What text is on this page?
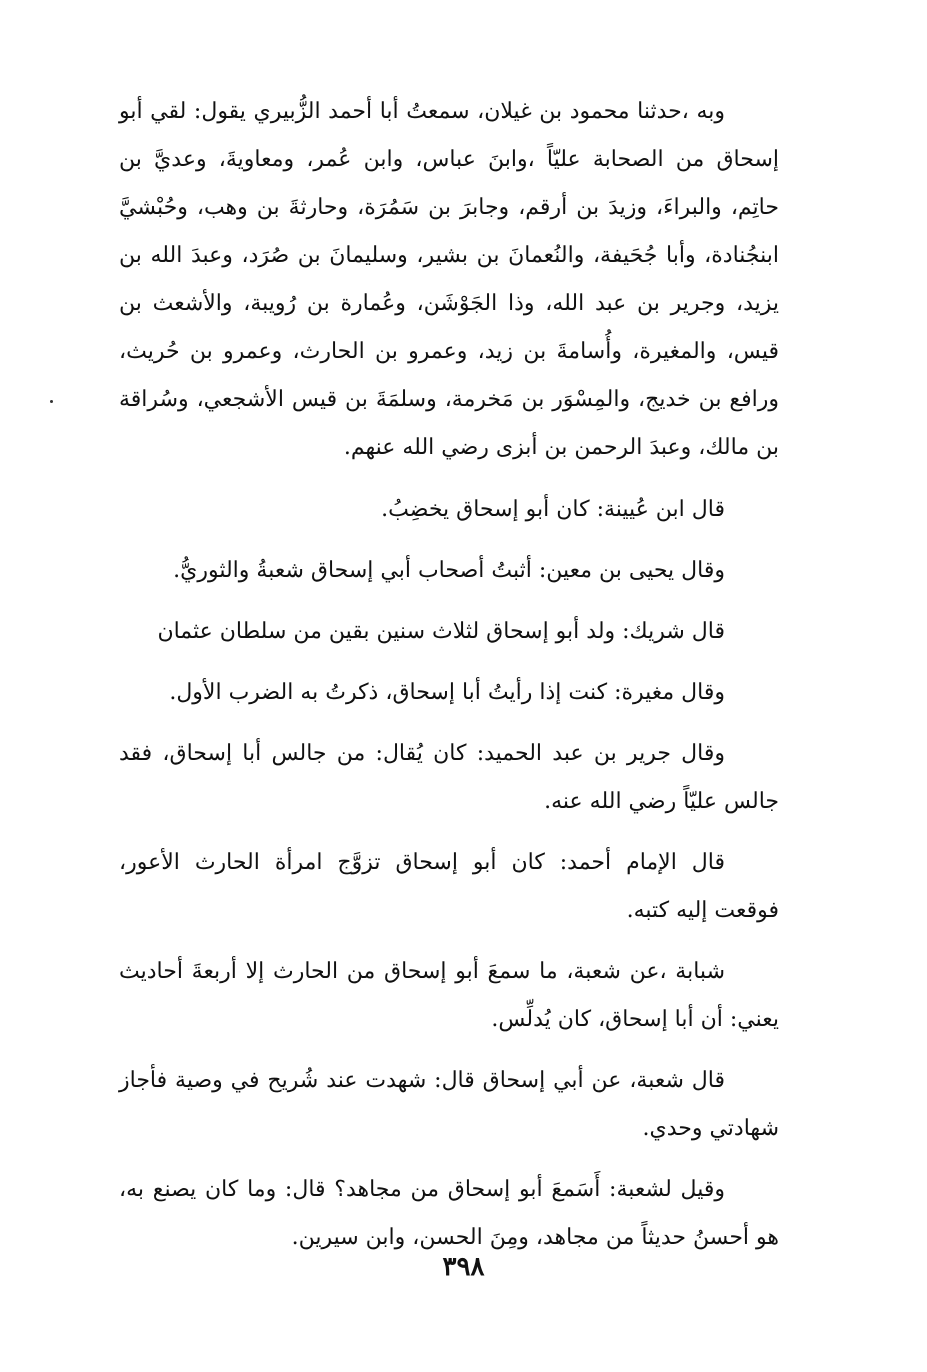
وبه ،حدثنا محمود بن غيلان، سمعتُ أبا أحمد الزُّبيري يقول: لقي أبو إسحاق من الصحابة عليّاً ،وابنَ عباس، وابن عُمر، ومعاويةَ، وعديَّ بن حاتِم، والبراءَ، وزيدَ بن أرقم، وجابرَ بن سَمُرَة، وحارثةَ بن وهب، وحُبْشيَّ ابنجُنادة، وأبا جُحَيفة، والنُعمانَ بن بشير، وسليمانَ بن صُرَد، وعبدَ الله بن يزيد، وجرير بن عبد الله، وذا الجَوْشَن، وعُمارة بن رُويبة، والأشعث بن قيس، والمغيرة، وأُسامةَ بن زيد، وعمرو بن الحارث، وعمرو بن حُريث، ورافع بن خديج، والمِسْوَر بن مَخرمة، وسلمَةَ بن قيس الأشجعي، وسُراقة بن مالك، وعبدَ الرحمن بن أبزى رضي الله عنهم.

قال ابن عُيينة: كان أبو إسحاق يخضِبُ.

وقال يحيى بن معين: أثبتُ أصحاب أبي إسحاق شعبةُ والثوريُّ.

قال شريك: ولد أبو إسحاق لثلاث سنين بقين من سلطان عثمان

وقال مغيرة: كنت إذا رأيتُ أبا إسحاق، ذكرتُ به الضرب الأول.

وقال جرير بن عبد الحميد: كان يُقال: من جالس أبا إسحاق، فقد جالس عليّاً رضي الله عنه.

قال الإمام أحمد: كان أبو إسحاق تزوَّج امرأة الحارث الأعور، فوقعت إليه كتبه.

شبابة ،عن شعبة، ما سمعَ أبو إسحاق من الحارث إلا أربعةَ أحاديث يعني: أن أبا إسحاق، كان يُدلِّس.

قال شعبة، عن أبي إسحاق قال: شهدت عند شُريح في وصية فأجاز شهادتي وحدي.

وقيل لشعبة: أَسَمعَ أبو إسحاق من مجاهد؟ قال: وما كان يصنع به، هو أحسنُ حديثاً من مجاهد، ومِنَ الحسن، وابن سيرين.

٣٩٨
